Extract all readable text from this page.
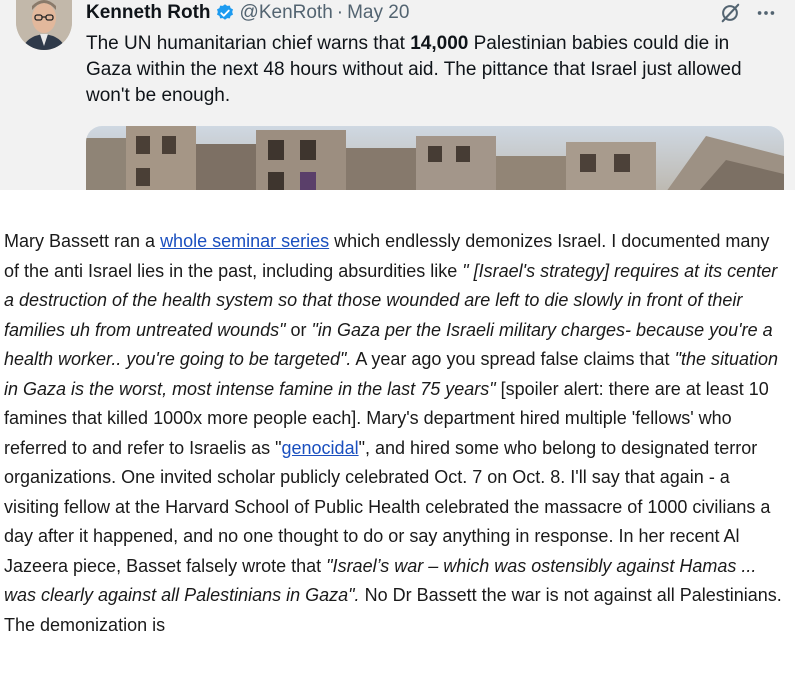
Kenneth Roth @KenRoth · May 20
The UN humanitarian chief warns that 14,000 Palestinian babies could die in Gaza within the next 48 hours without aid. The pittance that Israel just allowed won't be enough.

Mary Bassett ran a whole seminar series which endlessly demonizes Israel. I documented many of the anti Israel lies in the past, including absurdities like " [Israel's strategy] requires at its center a destruction of the health system so that those wounded are left to die slowly in front of their families uh from untreated wounds" or "in Gaza per the Israeli military charges- because you're a health worker.. you're going to be targeted". A year ago you spread false claims that "the situation in Gaza is the worst, most intense famine in the last 75 years" [spoiler alert: there are at least 10 famines that killed 1000x more people each]. Mary's department hired multiple 'fellows' who referred to and refer to Israelis as "genocidal", and hired some who belong to designated terror organizations. One invited scholar publicly celebrated Oct. 7 on Oct. 8. I'll say that again - a visiting fellow at the Harvard School of Public Health celebrated the massacre of 1000 civilians a day after it happened, and no one thought to do or say anything in response. In her recent Al Jazeera piece, Basset falsely wrote that "Israel’s war – which was ostensibly against Hamas ... was clearly against all Palestinians in Gaza". No Dr Bassett the war is not against all Palestinians. The demonization is
